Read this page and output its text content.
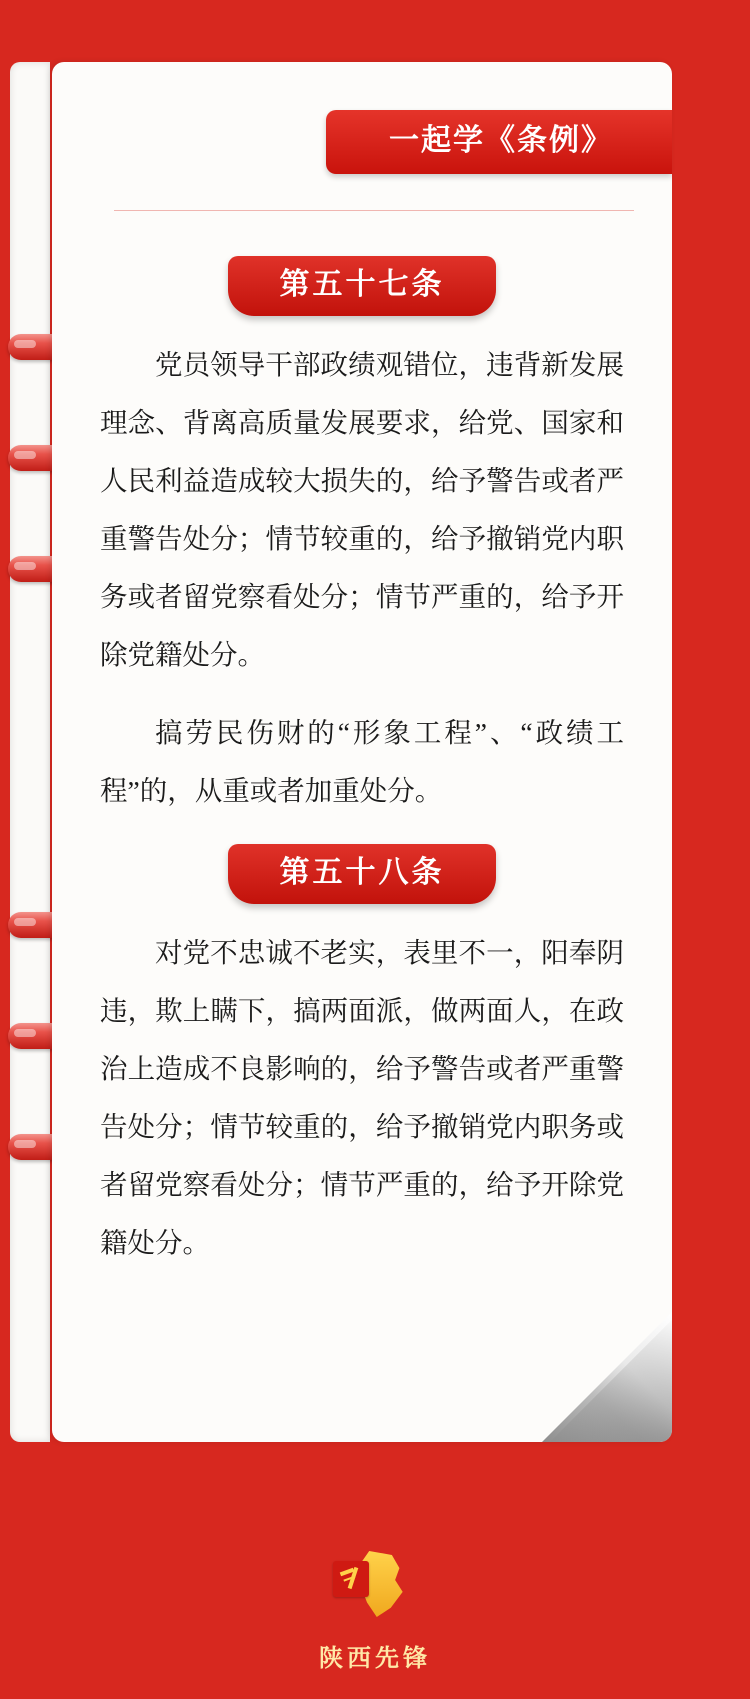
一起学《条例》
第五十七条

党员领导干部政绩观错位，违背新发展理念、背离高质量发展要求，给党、国家和人民利益造成较大损失的，给予警告或者严重警告处分；情节较重的，给予撤销党内职务或者留党察看处分；情节严重的，给予开除党籍处分。

搞劳民伤财的“形象工程”、“政绩工程”的，从重或者加重处分。

第五十八条

对党不忠诚不老实，表里不一，阳奉阴违，欺上瞒下，搞两面派，做两面人，在政治上造成不良影响的，给予警告或者严重警告处分；情节较重的，给予撤销党内职务或者留党察看处分；情节严重的，给予开除党籍处分。

陕西先锋
